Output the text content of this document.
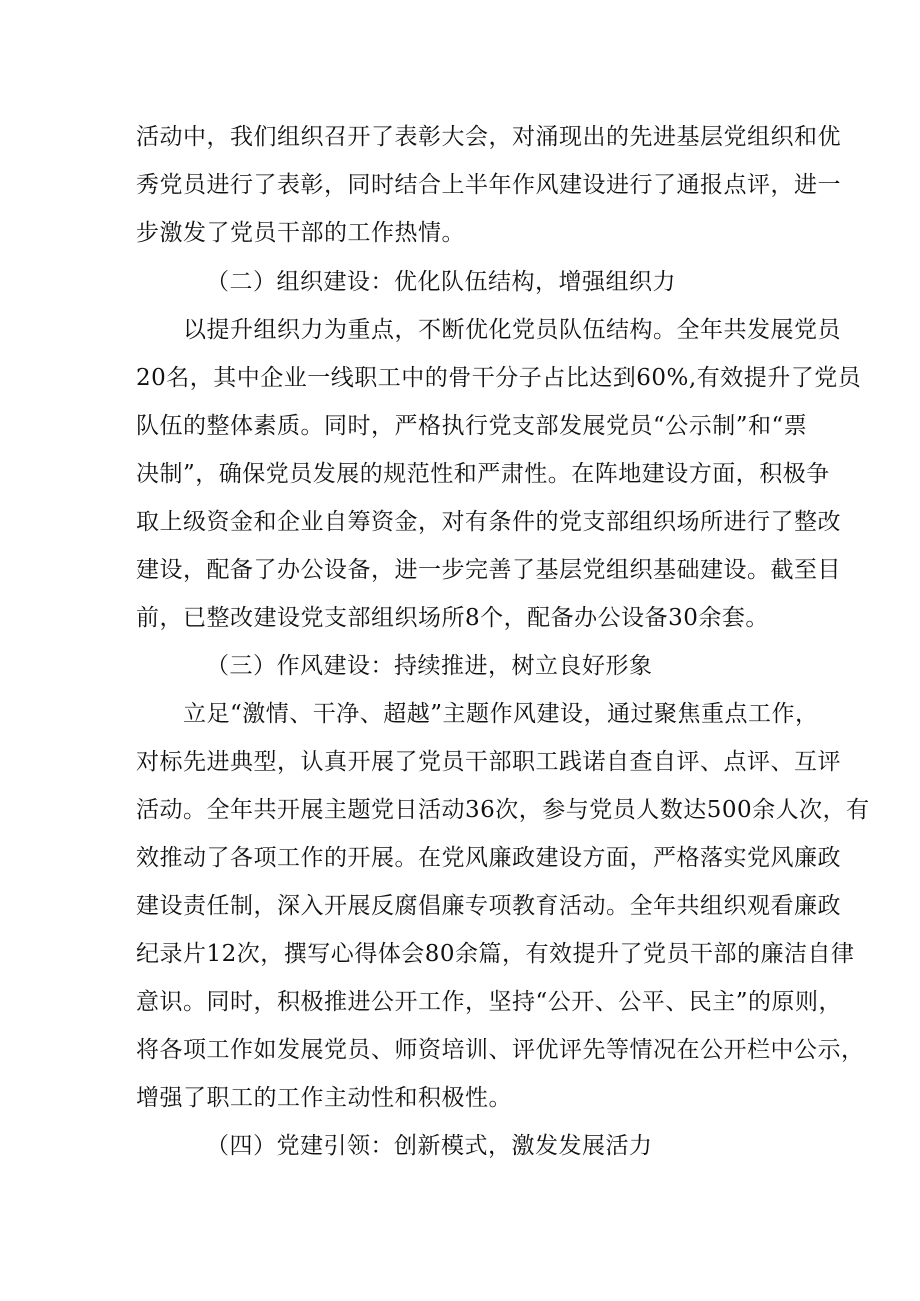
活动中，我们组织召开了表彰大会，对涌现出的先进基层党组织和优
秀党员进行了表彰，同时结合上半年作风建设进行了通报点评，进一
步激发了党员干部的工作热情。
（二）组织建设：优化队伍结构，增强组织力
以提升组织力为重点，不断优化党员队伍结构。全年共发展党员
20名，其中企业一线职工中的骨干分子占比达到60%,有效提升了党员
队伍的整体素质。同时，严格执行党支部发展党员“公示制”和“票
决制”，确保党员发展的规范性和严肃性。在阵地建设方面，积极争
取上级资金和企业自筹资金，对有条件的党支部组织场所进行了整改
建设，配备了办公设备，进一步完善了基层党组织基础建设。截至目
前，已整改建设党支部组织场所8个，配备办公设备30余套。
（三）作风建设：持续推进，树立良好形象
立足“激情、干净、超越”主题作风建设，通过聚焦重点工作，
对标先进典型，认真开展了党员干部职工践诺自查自评、点评、互评
活动。全年共开展主题党日活动36次，参与党员人数达500余人次，有
效推动了各项工作的开展。在党风廉政建设方面，严格落实党风廉政
建设责任制，深入开展反腐倡廉专项教育活动。全年共组织观看廉政
纪录片12次，撰写心得体会80余篇，有效提升了党员干部的廉洁自律
意识。同时，积极推进公开工作，坚持“公开、公平、民主”的原则，
将各项工作如发展党员、师资培训、评优评先等情况在公开栏中公示，
增强了职工的工作主动性和积极性。
（四）党建引领：创新模式，激发发展活力
